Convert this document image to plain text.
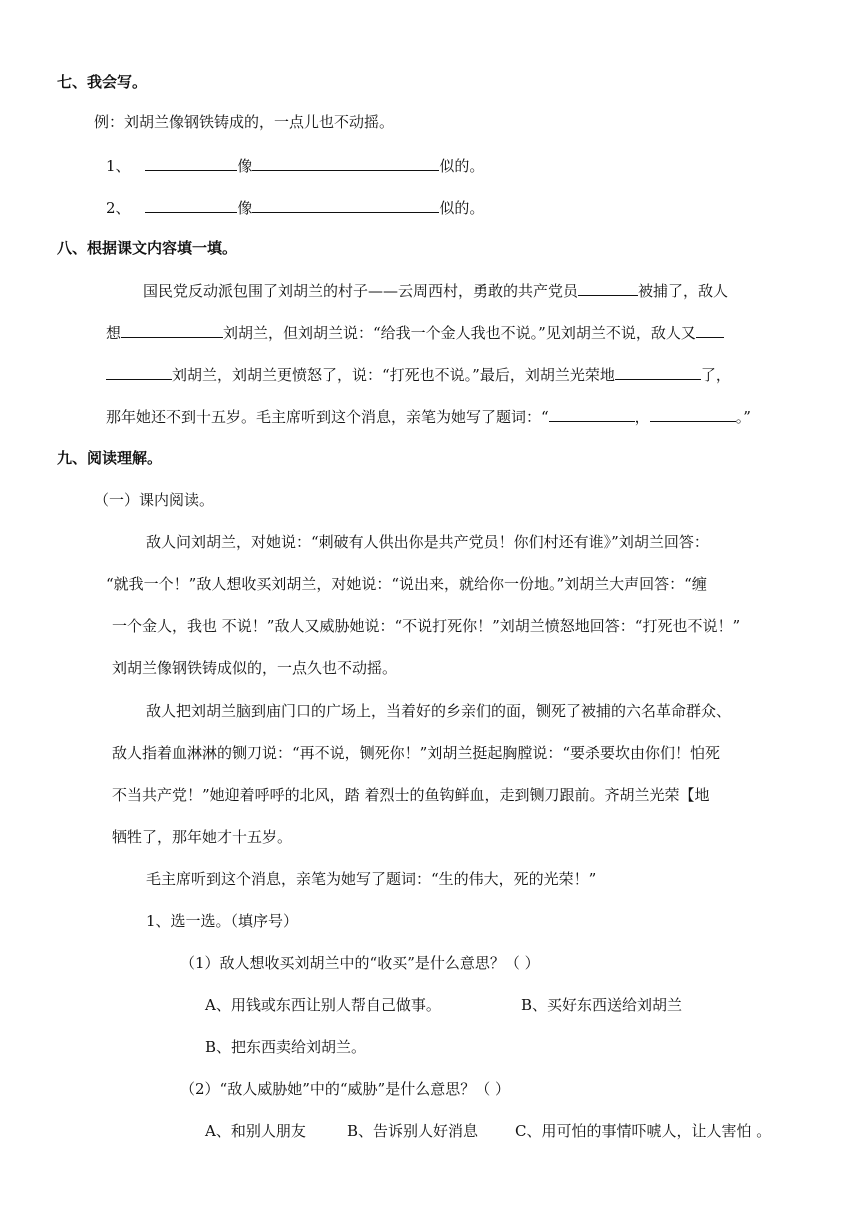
七、我会写。
例：刘胡兰像钢铁铸成的，一点儿也不动摇。
1、	像	似的。
2、	像	似的。
八、根据课文内容填一填。
国民党反动派包围了刘胡兰的村子——云周西村，勇敢的共产党员	被捕了，敌人
想	刘胡兰，但刘胡兰说：“给我一个金人我也不说。”见刘胡兰不说，敌人又
刘胡兰，刘胡兰更愤怒了，说：“打死也不说。”最后，刘胡兰光荣地	了，
那年她还不到十五岁。毛主席听到这个消息，亲笔为她写了题词：“	，	。”
九、阅读理解。
（一）课内阅读。
敌人问刘胡兰，对她说：“刺破有人供出你是共产党员！你们村还有谁》”刘胡兰回答：
“就我一个！”敌人想收买刘胡兰，对她说：“说出来，就给你一份地。”刘胡兰大声回答：“缠
一个金人，我也 不说！”敌人又威胁她说：“不说打死你！”刘胡兰愤怒地回答：“打死也不说！”
刘胡兰像钢铁铸成似的，一点久也不动摇。
敌人把刘胡兰脑到庙门口的广场上，当着好的乡亲们的面，铡死了被捕的六名革命群众、
敌人指着血淋淋的铡刀说：“再不说，铡死你！”刘胡兰挺起胸膛说：“要杀要坎由你们！怕死
不当共产党！”她迎着呼呼的北风，踏 着烈士的鱼钩鲜血，走到铡刀跟前。齐胡兰光荣【地
牺牲了，那年她才十五岁。
毛主席听到这个消息，亲笔为她写了题词：“生的伟大，死的光荣！”
1、选一选。（填序号）
（1）敌人想收买刘胡兰中的“收买”是什么意思？（ ）
A、用钱或东西让别人帮自己做事。	B、买好东西送给刘胡兰
B、把东西卖给刘胡兰。
（2）“敌人威胁她”中的“威胁”是什么意思？（ ）
A、和别人朋友	B、告诉别人好消息 C、用可怕的事情吓唬人，让人害怕 。
